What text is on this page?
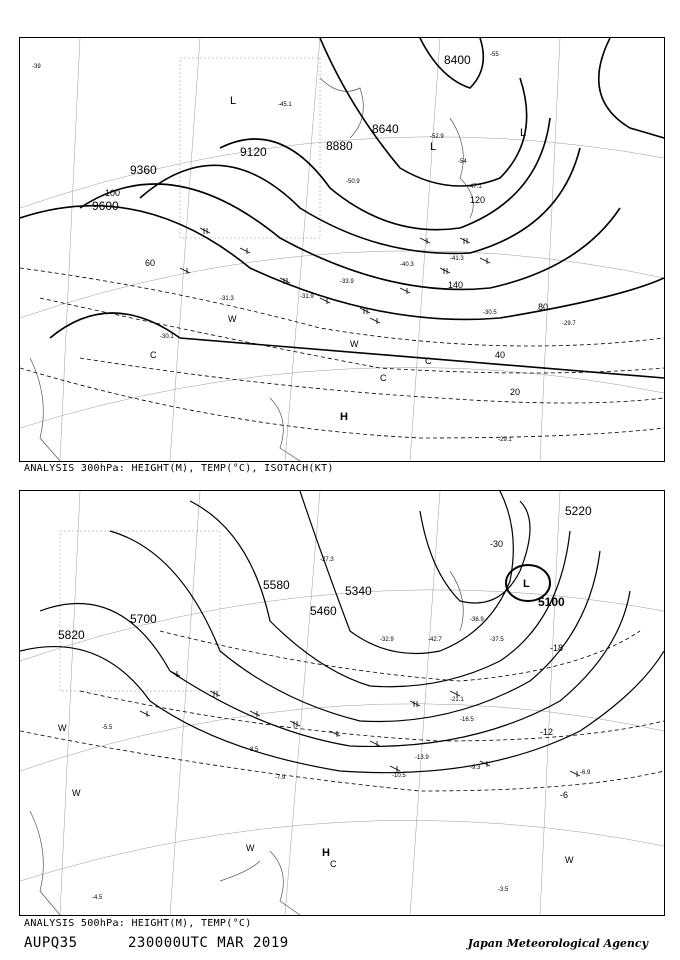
9600
9360
9120	8880
8640
8400
20
40
60
80
100
120
140
-29.1
-30.5
-31.9
-33.9
-40.3
-45.1
-50.9
-52.9
-39
-41.3
-54
-29.7
-30.1
-31.3
-47.1
-55
H
L
L
L
W
W
C
C
C
ANALYSIS 300hPa: HEIGHT(M), TEMP(°C), ISOTACH(KT)
5820
5700
5580
5460
5340
5220
5100
-30
-18
-12
-6
-5.5
-9.3
-10.5	-6.9
-8.5
-27.3
-32.9	-37.5
-36.9
-42.7
-3.5
-7.9
-13.9
-16.5
-21.1
-4.5
H
L
W
W
W
W
C
ANALYSIS 500hPa: HEIGHT(M), TEMP(°C)
AUPQ35	230000UTC MAR 2019	Japan Meteorological Agency
